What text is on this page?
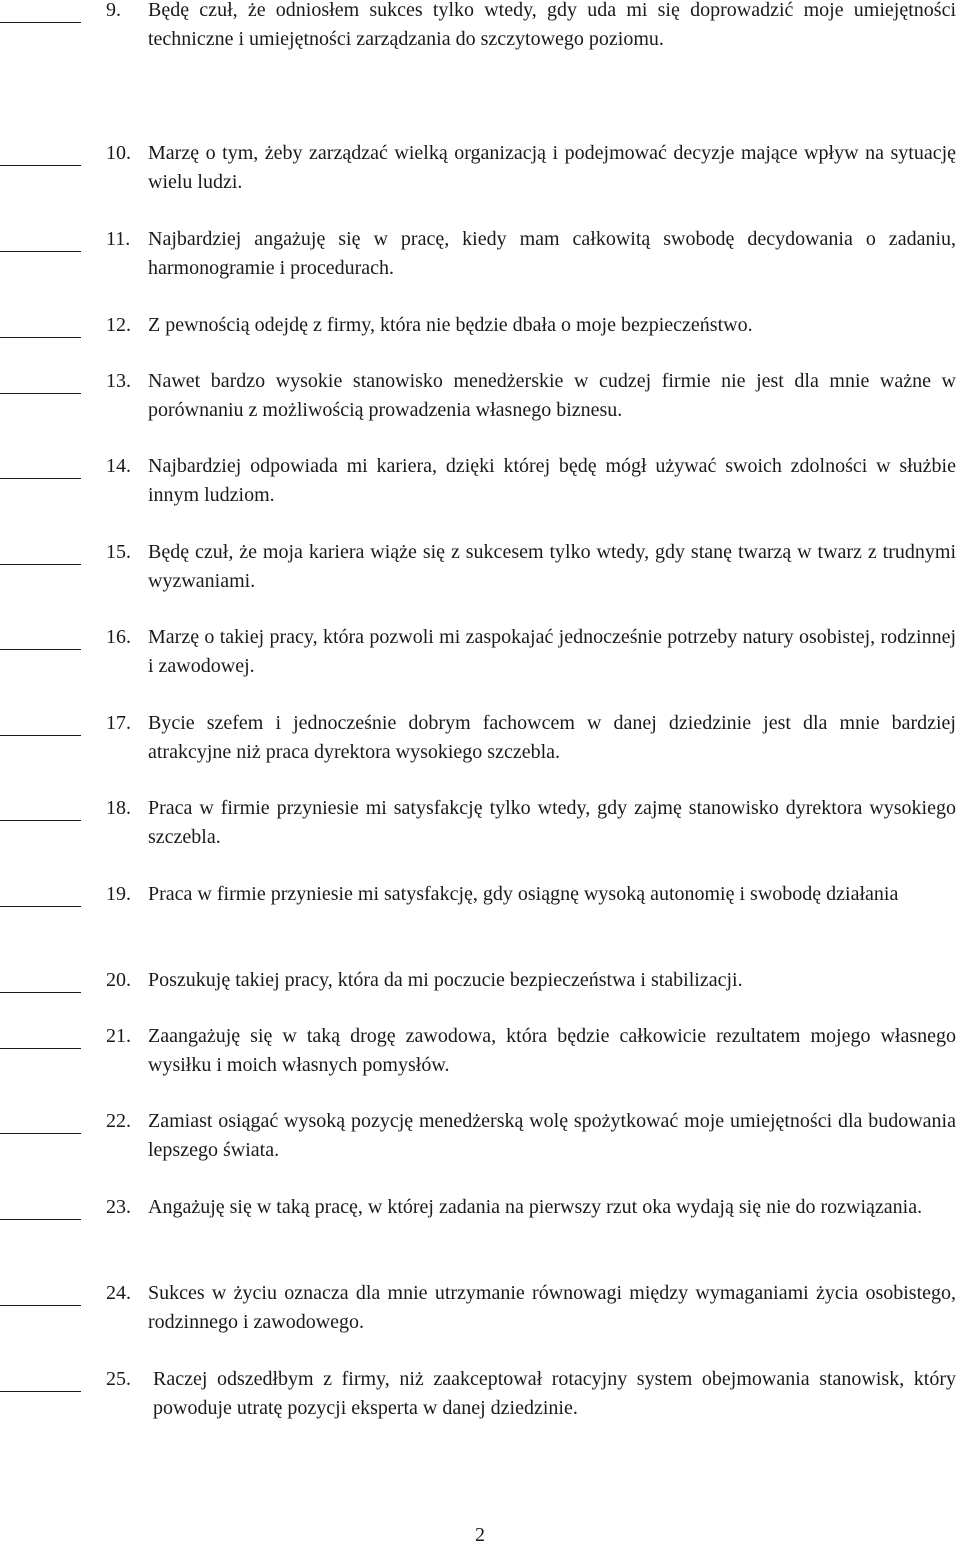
9. Będę czuł, że odniosłem sukces tylko wtedy, gdy uda mi się doprowadzić moje umiejętności techniczne i umiejętności zarządzania do szczytowego poziomu.
10. Marzę o tym, żeby zarządzać wielką organizacją i podejmować decyzje mające wpływ na sytuację wielu ludzi.
11. Najbardziej angażuję się w pracę, kiedy mam całkowitą swobodę decydowania o zadaniu, harmonogramie i procedurach.
12. Z pewnością odejdę z firmy, która nie będzie dbała o moje bezpieczeństwo.
13. Nawet bardzo wysokie stanowisko menedżerskie w cudzej firmie nie jest dla mnie ważne w porównaniu z możliwością prowadzenia własnego biznesu.
14. Najbardziej odpowiada mi kariera, dzięki której będę mógł używać swoich zdolności w służbie innym ludziom.
15. Będę czuł, że moja kariera wiąże się z sukcesem tylko wtedy, gdy stanę twarzą w twarz z trudnymi wyzwaniami.
16. Marzę o takiej pracy, która pozwoli mi zaspokajać jednocześnie potrzeby natury osobistej, rodzinnej i zawodowej.
17. Bycie szefem i jednocześnie dobrym fachowcem w danej dziedzinie jest dla mnie bardziej atrakcyjne niż praca dyrektora wysokiego szczebla.
18. Praca w firmie przyniesie mi satysfakcję tylko wtedy, gdy zajmę stanowisko dyrektora wysokiego szczebla.
19. Praca w firmie przyniesie mi satysfakcję, gdy osiągnę wysoką autonomię i swobodę działania
20. Poszukuję takiej pracy, która da mi poczucie bezpieczeństwa i stabilizacji.
21. Zaangażuję się w taką drogę zawodowa, która będzie całkowicie rezultatem mojego własnego wysiłku i moich własnych pomysłów.
22. Zamiast osiągać wysoką pozycję menedżerską wolę spożytkować moje umiejętności dla budowania lepszego świata.
23. Angażuję się w taką pracę, w której zadania na pierwszy rzut oka wydają się nie do rozwiązania.
24. Sukces w życiu oznacza dla mnie utrzymanie równowagi między wymaganiami życia osobistego, rodzinnego i zawodowego.
25. Raczej odszedłbym z firmy, niż zaakceptował rotacyjny system obejmowania stanowisk, który powoduje utratę pozycji eksperta w danej dziedzinie.
2
